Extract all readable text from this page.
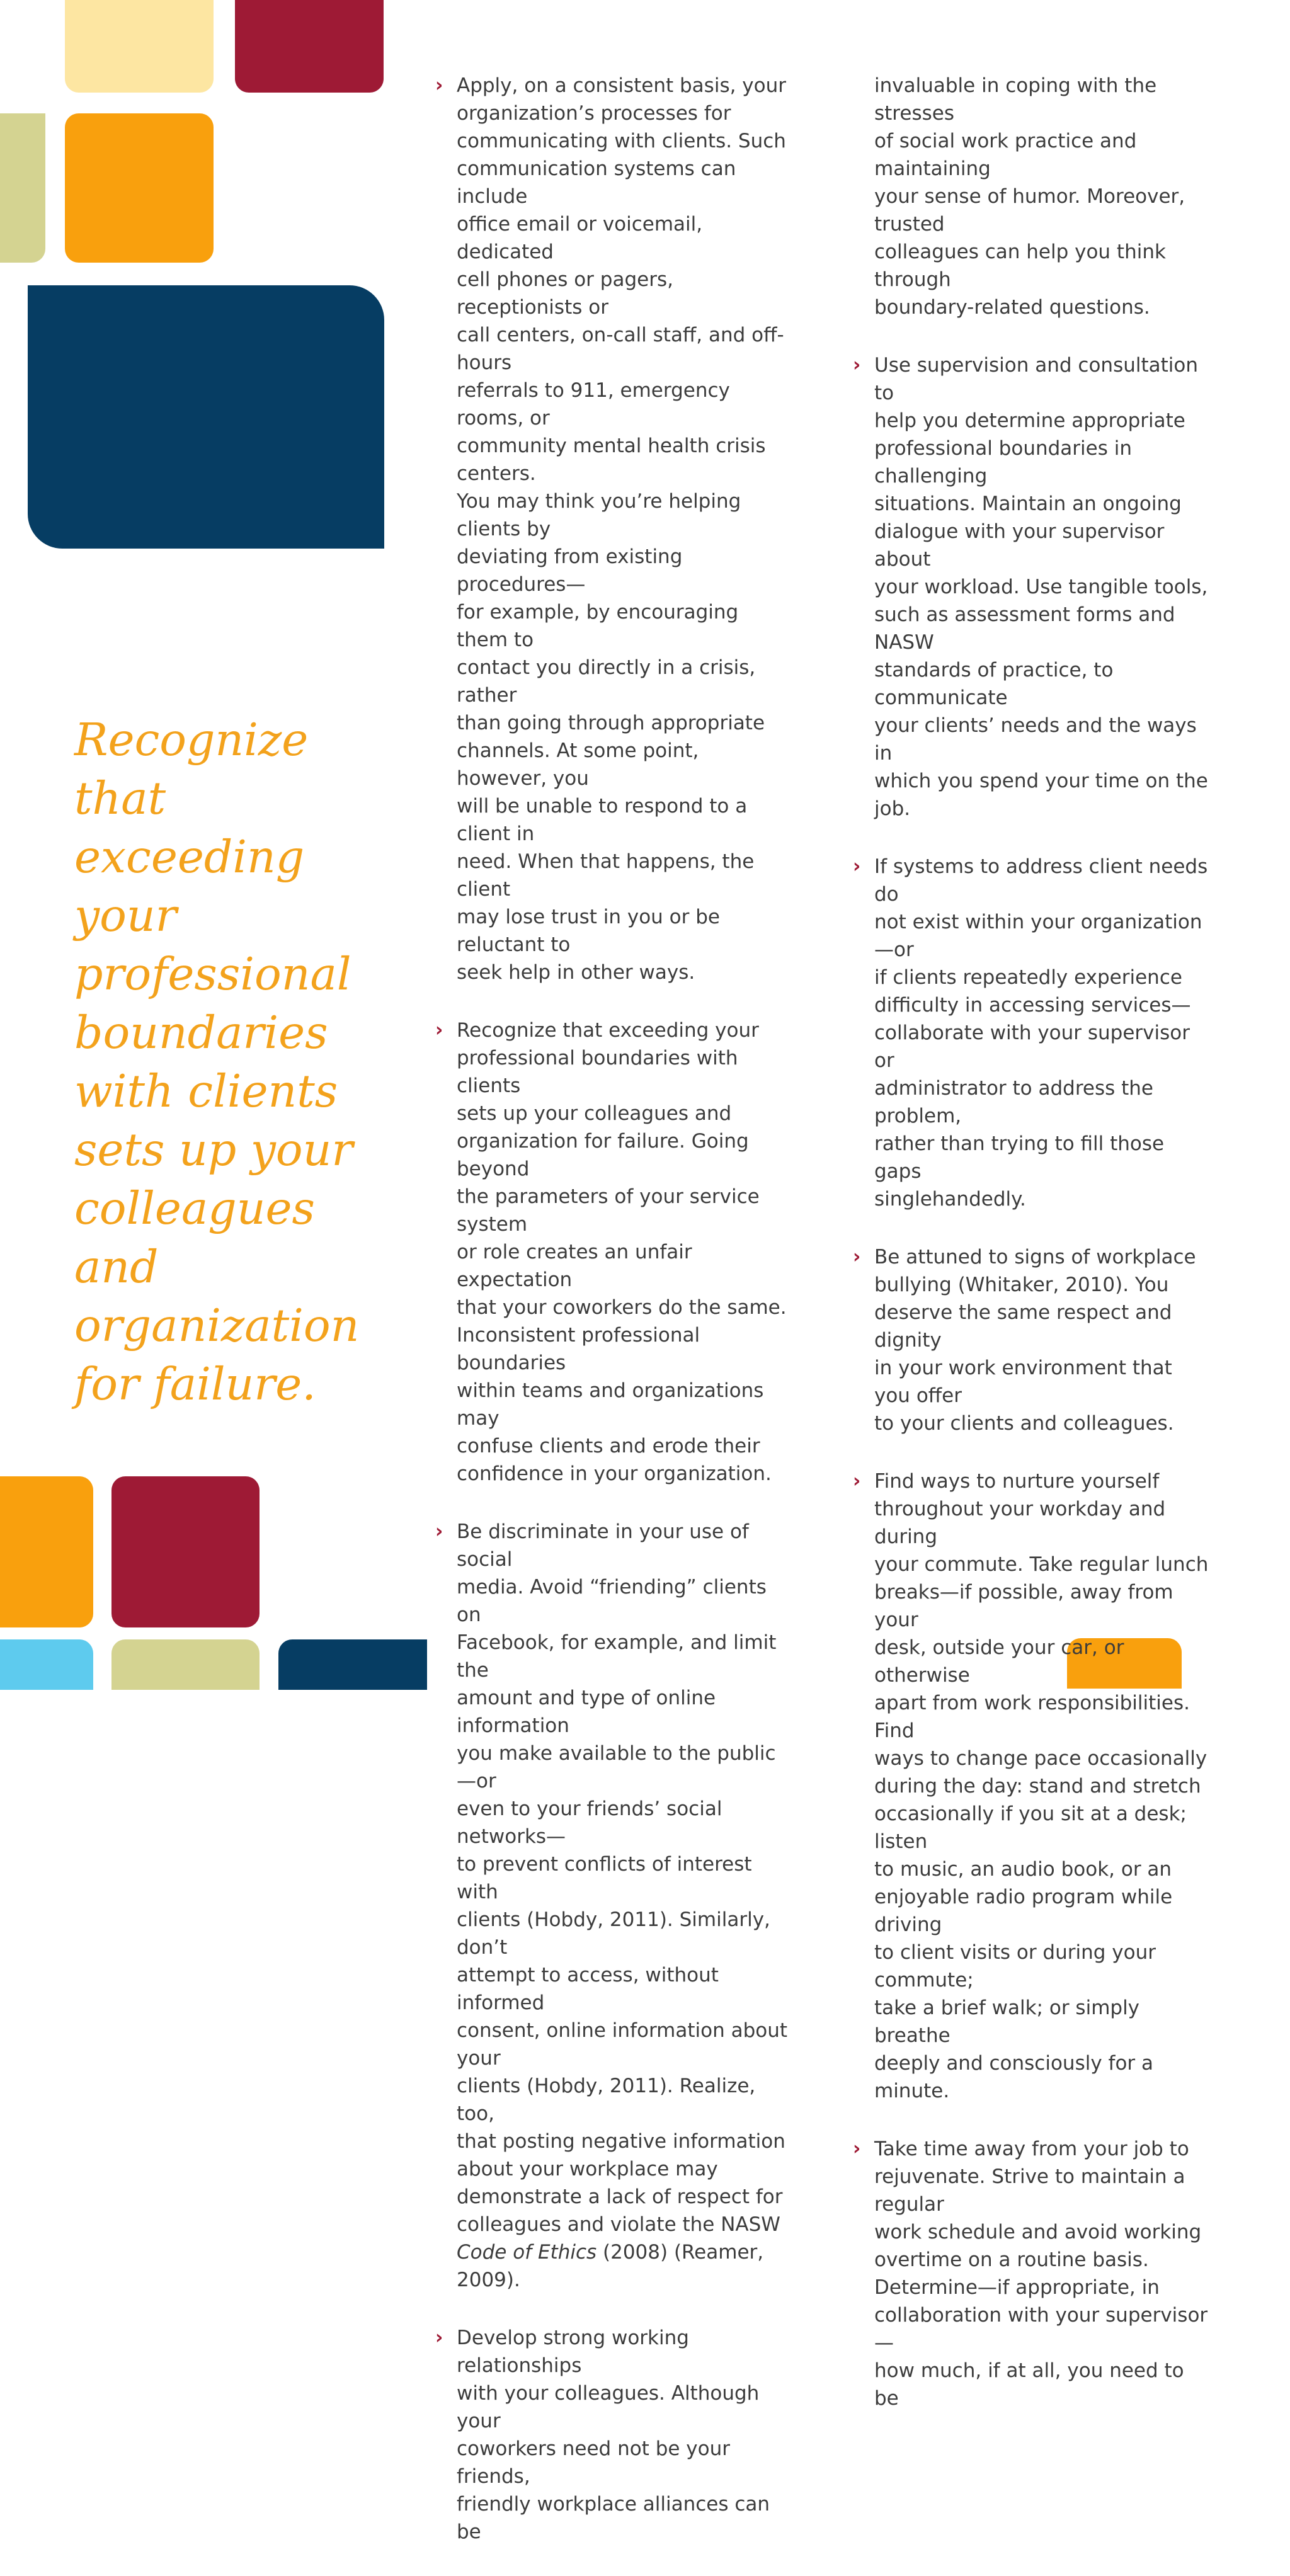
Recognize
that exceeding
your
professional
boundaries
with clients
sets up your
colleagues and
organization
for failure.
› Apply, on a consistent basis, your
organization’s processes for
communicating with clients. Such
communication systems can include
office email or voicemail, dedicated
cell phones or pagers, receptionists or
call centers, on-call staff, and off-hours
referrals to 911, emergency rooms, or
community mental health crisis centers.
You may think you’re helping clients by
deviating from existing procedures—
for example, by encouraging them to
contact you directly in a crisis, rather
than going through appropriate
channels. At some point, however, you
will be unable to respond to a client in
need. When that happens, the client
may lose trust in you or be reluctant to
seek help in other ways.

› Recognize that exceeding your
professional boundaries with clients
sets up your colleagues and
organization for failure. Going beyond
the parameters of your service system
or role creates an unfair expectation
that your coworkers do the same.
Inconsistent professional boundaries
within teams and organizations may
confuse clients and erode their
confidence in your organization.

› Be discriminate in your use of social
media. Avoid “friending” clients on
Facebook, for example, and limit the
amount and type of online information
you make available to the public—or
even to your friends’ social networks—
to prevent conflicts of interest with
clients (Hobdy, 2011). Similarly, don’t
attempt to access, without informed
consent, online information about your
clients (Hobdy, 2011). Realize, too,
that posting negative information
about your workplace may
demonstrate a lack of respect for
colleagues and violate the NASW
Code of Ethics (2008) (Reamer,
2009).

› Develop strong working relationships
with your colleagues. Although your
coworkers need not be your friends,
friendly workplace alliances can be

invaluable in coping with the stresses
of social work practice and maintaining
your sense of humor. Moreover, trusted
colleagues can help you think through
boundary-related questions.

› Use supervision and consultation to
help you determine appropriate
professional boundaries in challenging
situations. Maintain an ongoing
dialogue with your supervisor about
your workload. Use tangible tools,
such as assessment forms and NASW
standards of practice, to communicate
your clients’ needs and the ways in
which you spend your time on the job.

› If systems to address client needs do
not exist within your organization—or
if clients repeatedly experience
difficulty in accessing services—
collaborate with your supervisor or
administrator to address the problem,
rather than trying to fill those gaps
singlehandedly.

› Be attuned to signs of workplace
bullying (Whitaker, 2010). You
deserve the same respect and dignity
in your work environment that you offer
to your clients and colleagues.

› Find ways to nurture yourself
throughout your workday and during
your commute. Take regular lunch
breaks—if possible, away from your
desk, outside your car, or otherwise
apart from work responsibilities. Find
ways to change pace occasionally
during the day: stand and stretch
occasionally if you sit at a desk; listen
to music, an audio book, or an
enjoyable radio program while driving
to client visits or during your commute;
take a brief walk; or simply breathe
deeply and consciously for a minute.

› Take time away from your job to
rejuvenate. Strive to maintain a regular
work schedule and avoid working
overtime on a routine basis.
Determine—if appropriate, in
collaboration with your supervisor—
how much, if at all, you need to be
